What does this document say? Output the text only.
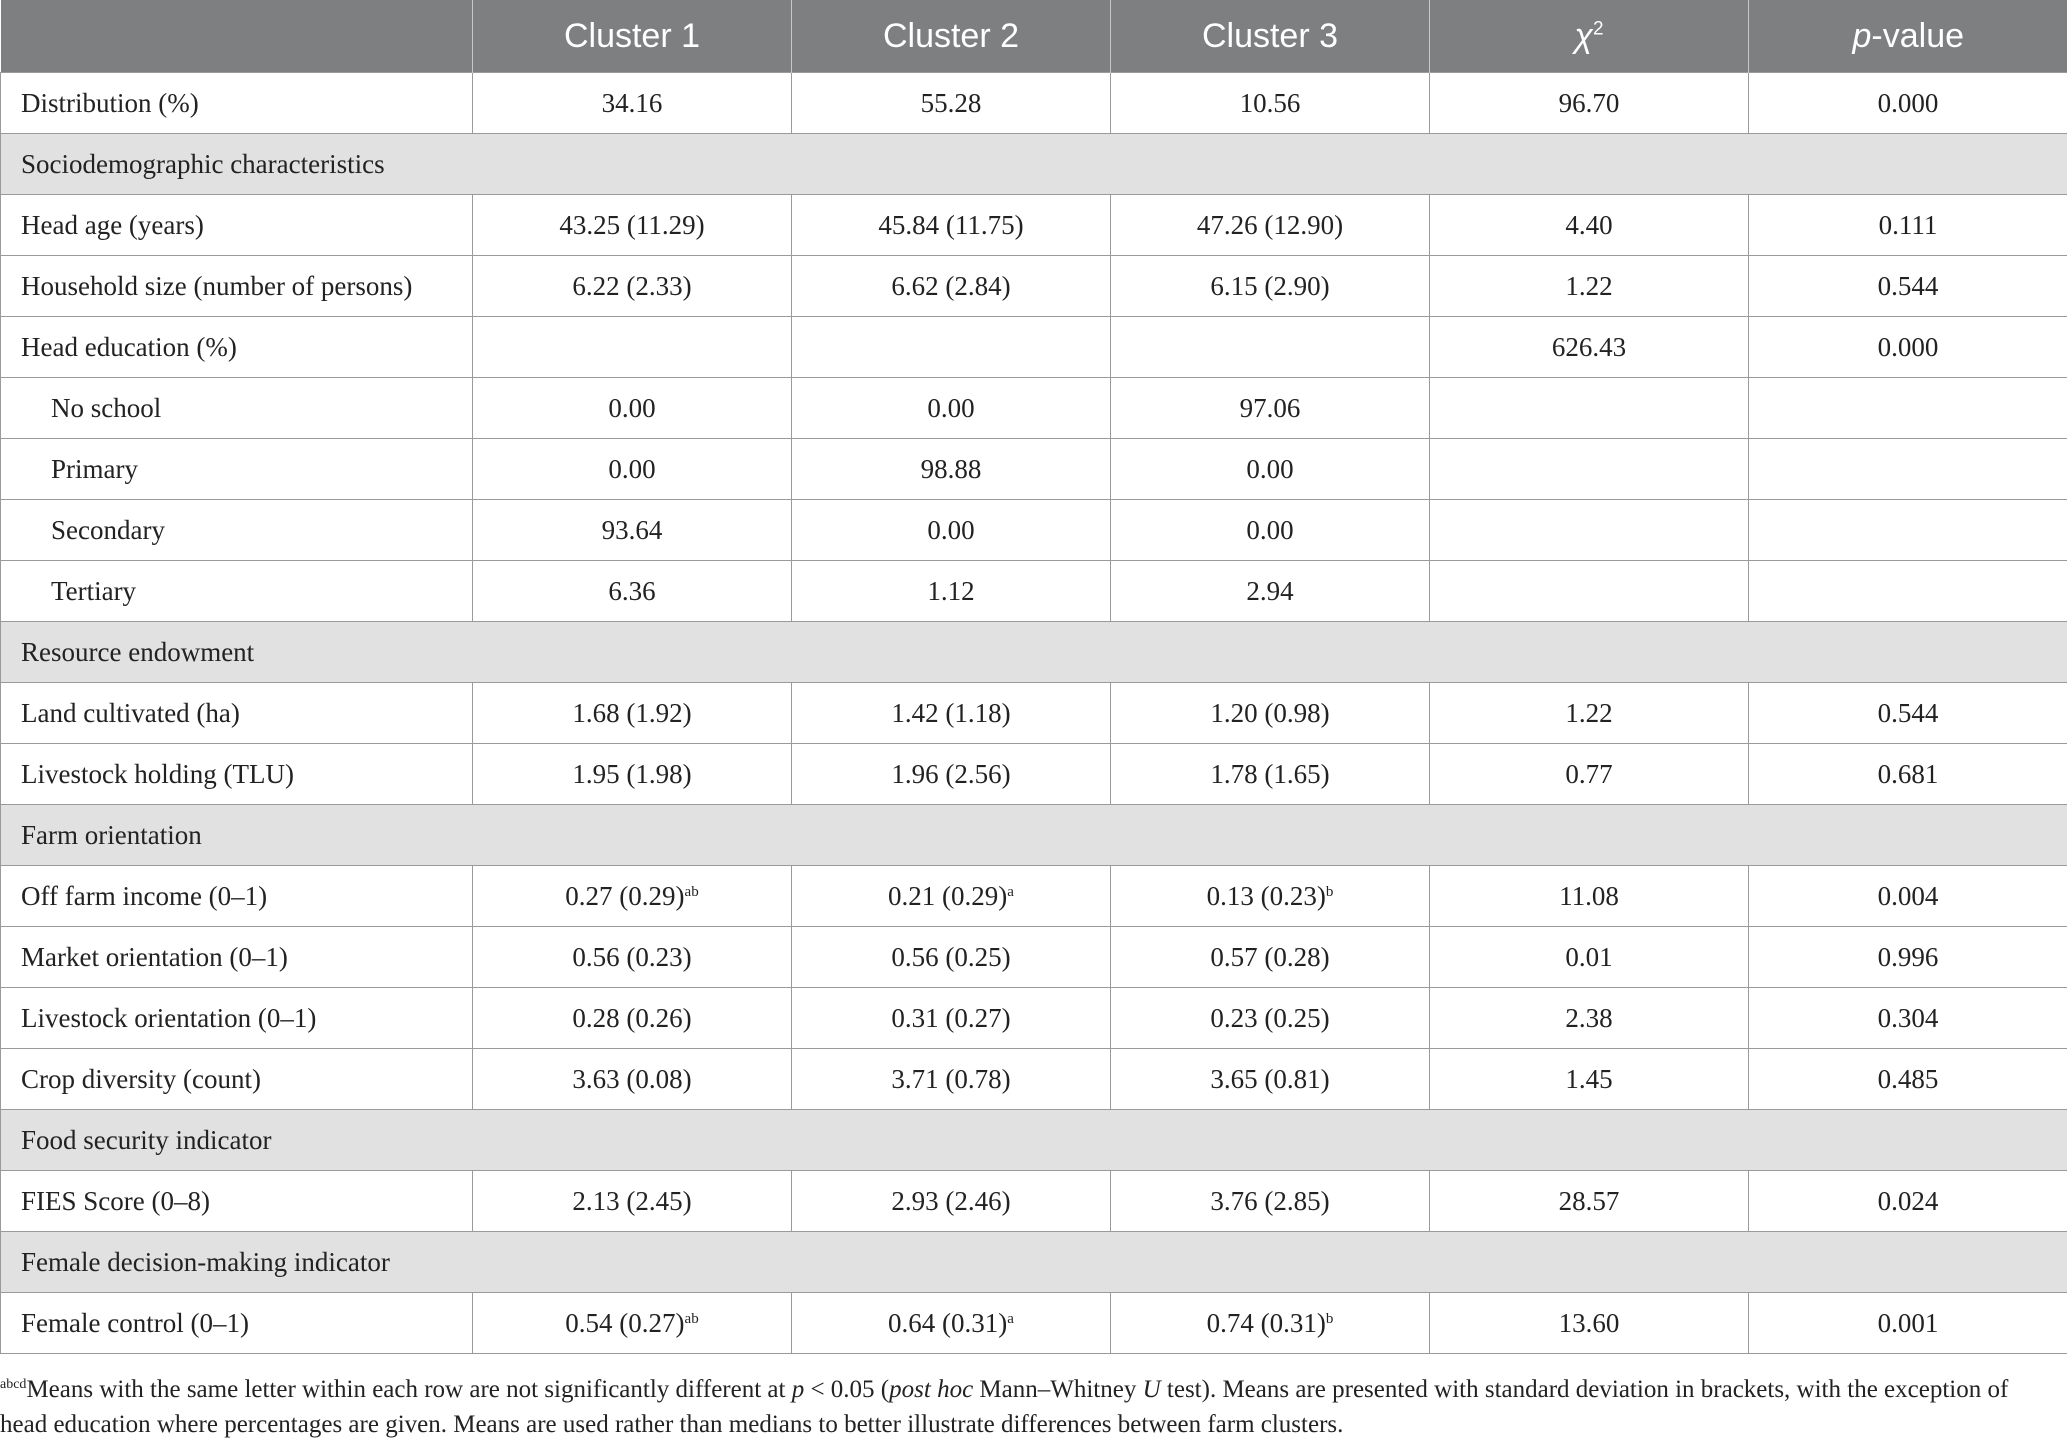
	Cluster 1	Cluster 2	Cluster 3	$\chi^2$	p-value
Distribution (%)	34.16	55.28	10.56	96.70	0.000
Sociodemographic characteristics					
Head age (years)	43.25 (11.29)	45.84 (11.75)	47.26 (12.90)	4.40	0.111
Household size (number of persons)	6.22 (2.33)	6.62 (2.84)	6.15 (2.90)	1.22	0.544
Head education (%)				626.43	0.000
No school	0.00	0.00	97.06		
Primary	0.00	98.88	0.00		
Secondary	93.64	0.00	0.00		
Tertiary	6.36	1.12	2.94		
Resource endowment					
Land cultivated (ha)	1.68 (1.92)	1.42 (1.18)	1.20 (0.98)	1.22	0.544
Livestock holding (TLU)	1.95 (1.98)	1.96 (2.56)	1.78 (1.65)	0.77	0.681
Farm orientation					
Off farm income (0–1)	0.27 $(0.29)^{ab}$	0.21 $(0.29)^a$	0.13 $(0.23)^b$	11.08	0.004
Market orientation (0–1)	0.56 (0.23)	0.56 (0.25)	0.57 (0.28)	0.01	0.996
Livestock orientation (0–1)	0.28 (0.26)	0.31 (0.27)	0.23 (0.25)	2.38	0.304
Crop diversity (count)	3.63 (0.08)	3.71 (0.78)	3.65 (0.81)	1.45	0.485
Food security indicator					
FIES Score (0–8)	2.13 (2.45)	2.93 (2.46)	3.76 (2.85)	28.57	0.024
Female decision-making indicator					
Female control (0–1)	0.54 $(0.27)^{ab}$	0.64 $(0.31)^a$	0.74 $(0.31)^b$	13.60	0.001
$^{abcd}$Means with the same letter within each row are not significantly different at p < 0.05 (post hoc Mann–Whitney U test). Means are presented with standard deviation in brackets, with the exception of head education where percentages are given. Means are used rather than medians to better illustrate differences between farm clusters.
